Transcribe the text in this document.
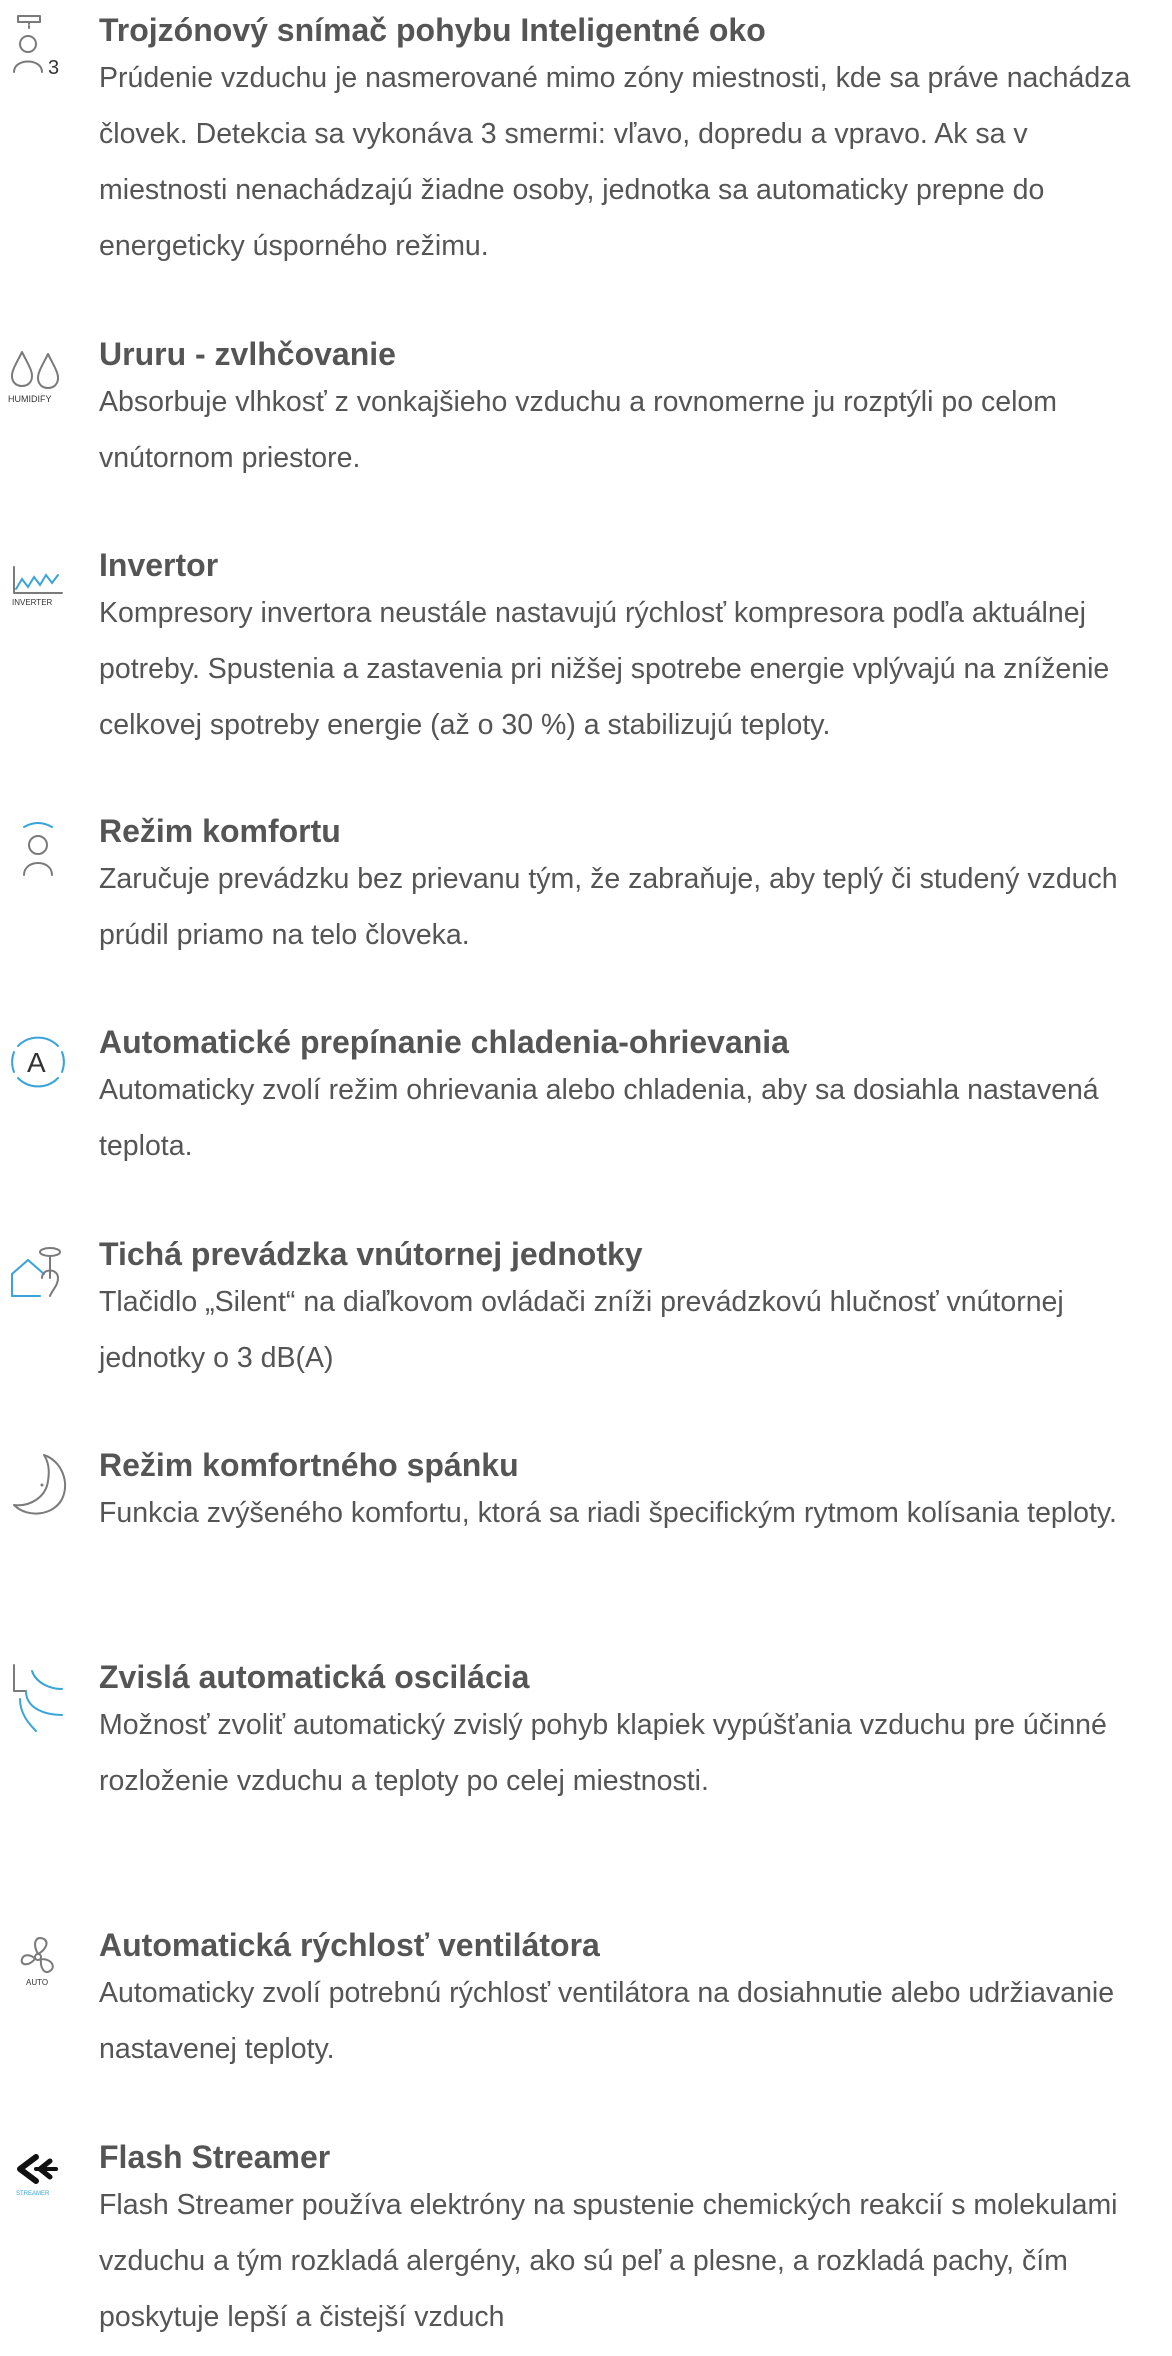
3
Trojzónový snímač pohybu Inteligentné oko

Prúdenie vzduchu je nasmerované mimo zóny miestnosti, kde sa práve nachádza človek. Detekcia sa vykonáva 3 smermi: vľavo, dopredu a vpravo. Ak sa v miestnosti nenachádzajú žiadne osoby, jednotka sa automaticky prepne do energeticky úsporného režimu.

HUMIDIFY
Ururu - zvlhčovanie

Absorbuje vlhkosť z vonkajšieho vzduchu a rovnomerne ju rozptýli po celom vnútornom priestore.

INVERTER
Invertor

Kompresory invertora neustále nastavujú rýchlosť kompresora podľa aktuálnej potreby. Spustenia a zastavenia pri nižšej spotrebe energie vplývajú na zníženie celkovej spotreby energie (až o 30 %) a stabilizujú teploty.

Režim komfortu

Zaručuje prevádzku bez prievanu tým, že zabraňuje, aby teplý či studený vzduch prúdil priamo na telo človeka.

A
Automatické prepínanie chladenia-ohrievania

Automaticky zvolí režim ohrievania alebo chladenia, aby sa dosiahla nastavená teplota.

Tichá prevádzka vnútornej jednotky

Tlačidlo „Silent“ na diaľkovom ovládači zníži prevádzkovú hlučnosť vnútornej jednotky o 3 dB(A)

Režim komfortného spánku

Funkcia zvýšeného komfortu, ktorá sa riadi špecifickým rytmom kolísania teploty.

Zvislá automatická oscilácia

Možnosť zvoliť automatický zvislý pohyb klapiek vypúšťania vzduchu pre účinné rozloženie vzduchu a teploty po celej miestnosti.

AUTO
Automatická rýchlosť ventilátora

Automaticky zvolí potrebnú rýchlosť ventilátora na dosiahnutie alebo udržiavanie nastavenej teploty.

STREAMER
Flash Streamer

Flash Streamer používa elektróny na spustenie chemických reakcií s molekulami vzduchu a tým rozkladá alergény, ako sú peľ a plesne, a rozkladá pachy, čím poskytuje lepší a čistejší vzduch
